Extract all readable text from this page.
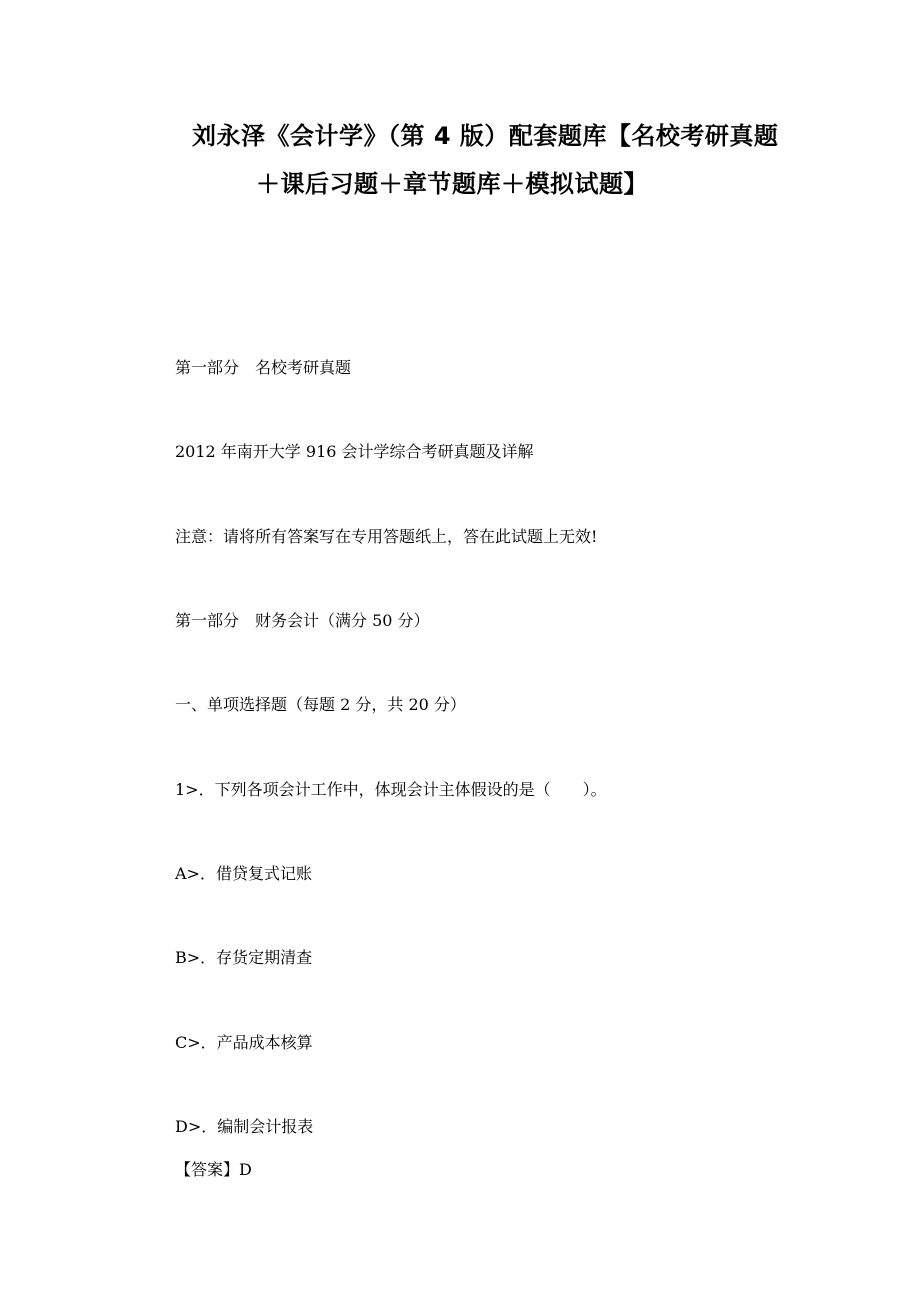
刘永泽《会计学》（第 4 版）配套题库【名校考研真题
＋课后习题＋章节题库＋模拟试题】
第一部分　名校考研真题
2012 年南开大学 916 会计学综合考研真题及详解
注意：请将所有答案写在专用答题纸上，答在此试题上无效!
第一部分　财务会计（满分 50 分）
一、单项选择题（每题 2 分，共 20 分）
1>．下列各项会计工作中，体现会计主体假设的是（　　）。
A>．借贷复式记账
B>．存货定期清查
C>．产品成本核算
D>．编制会计报表
【答案】D
